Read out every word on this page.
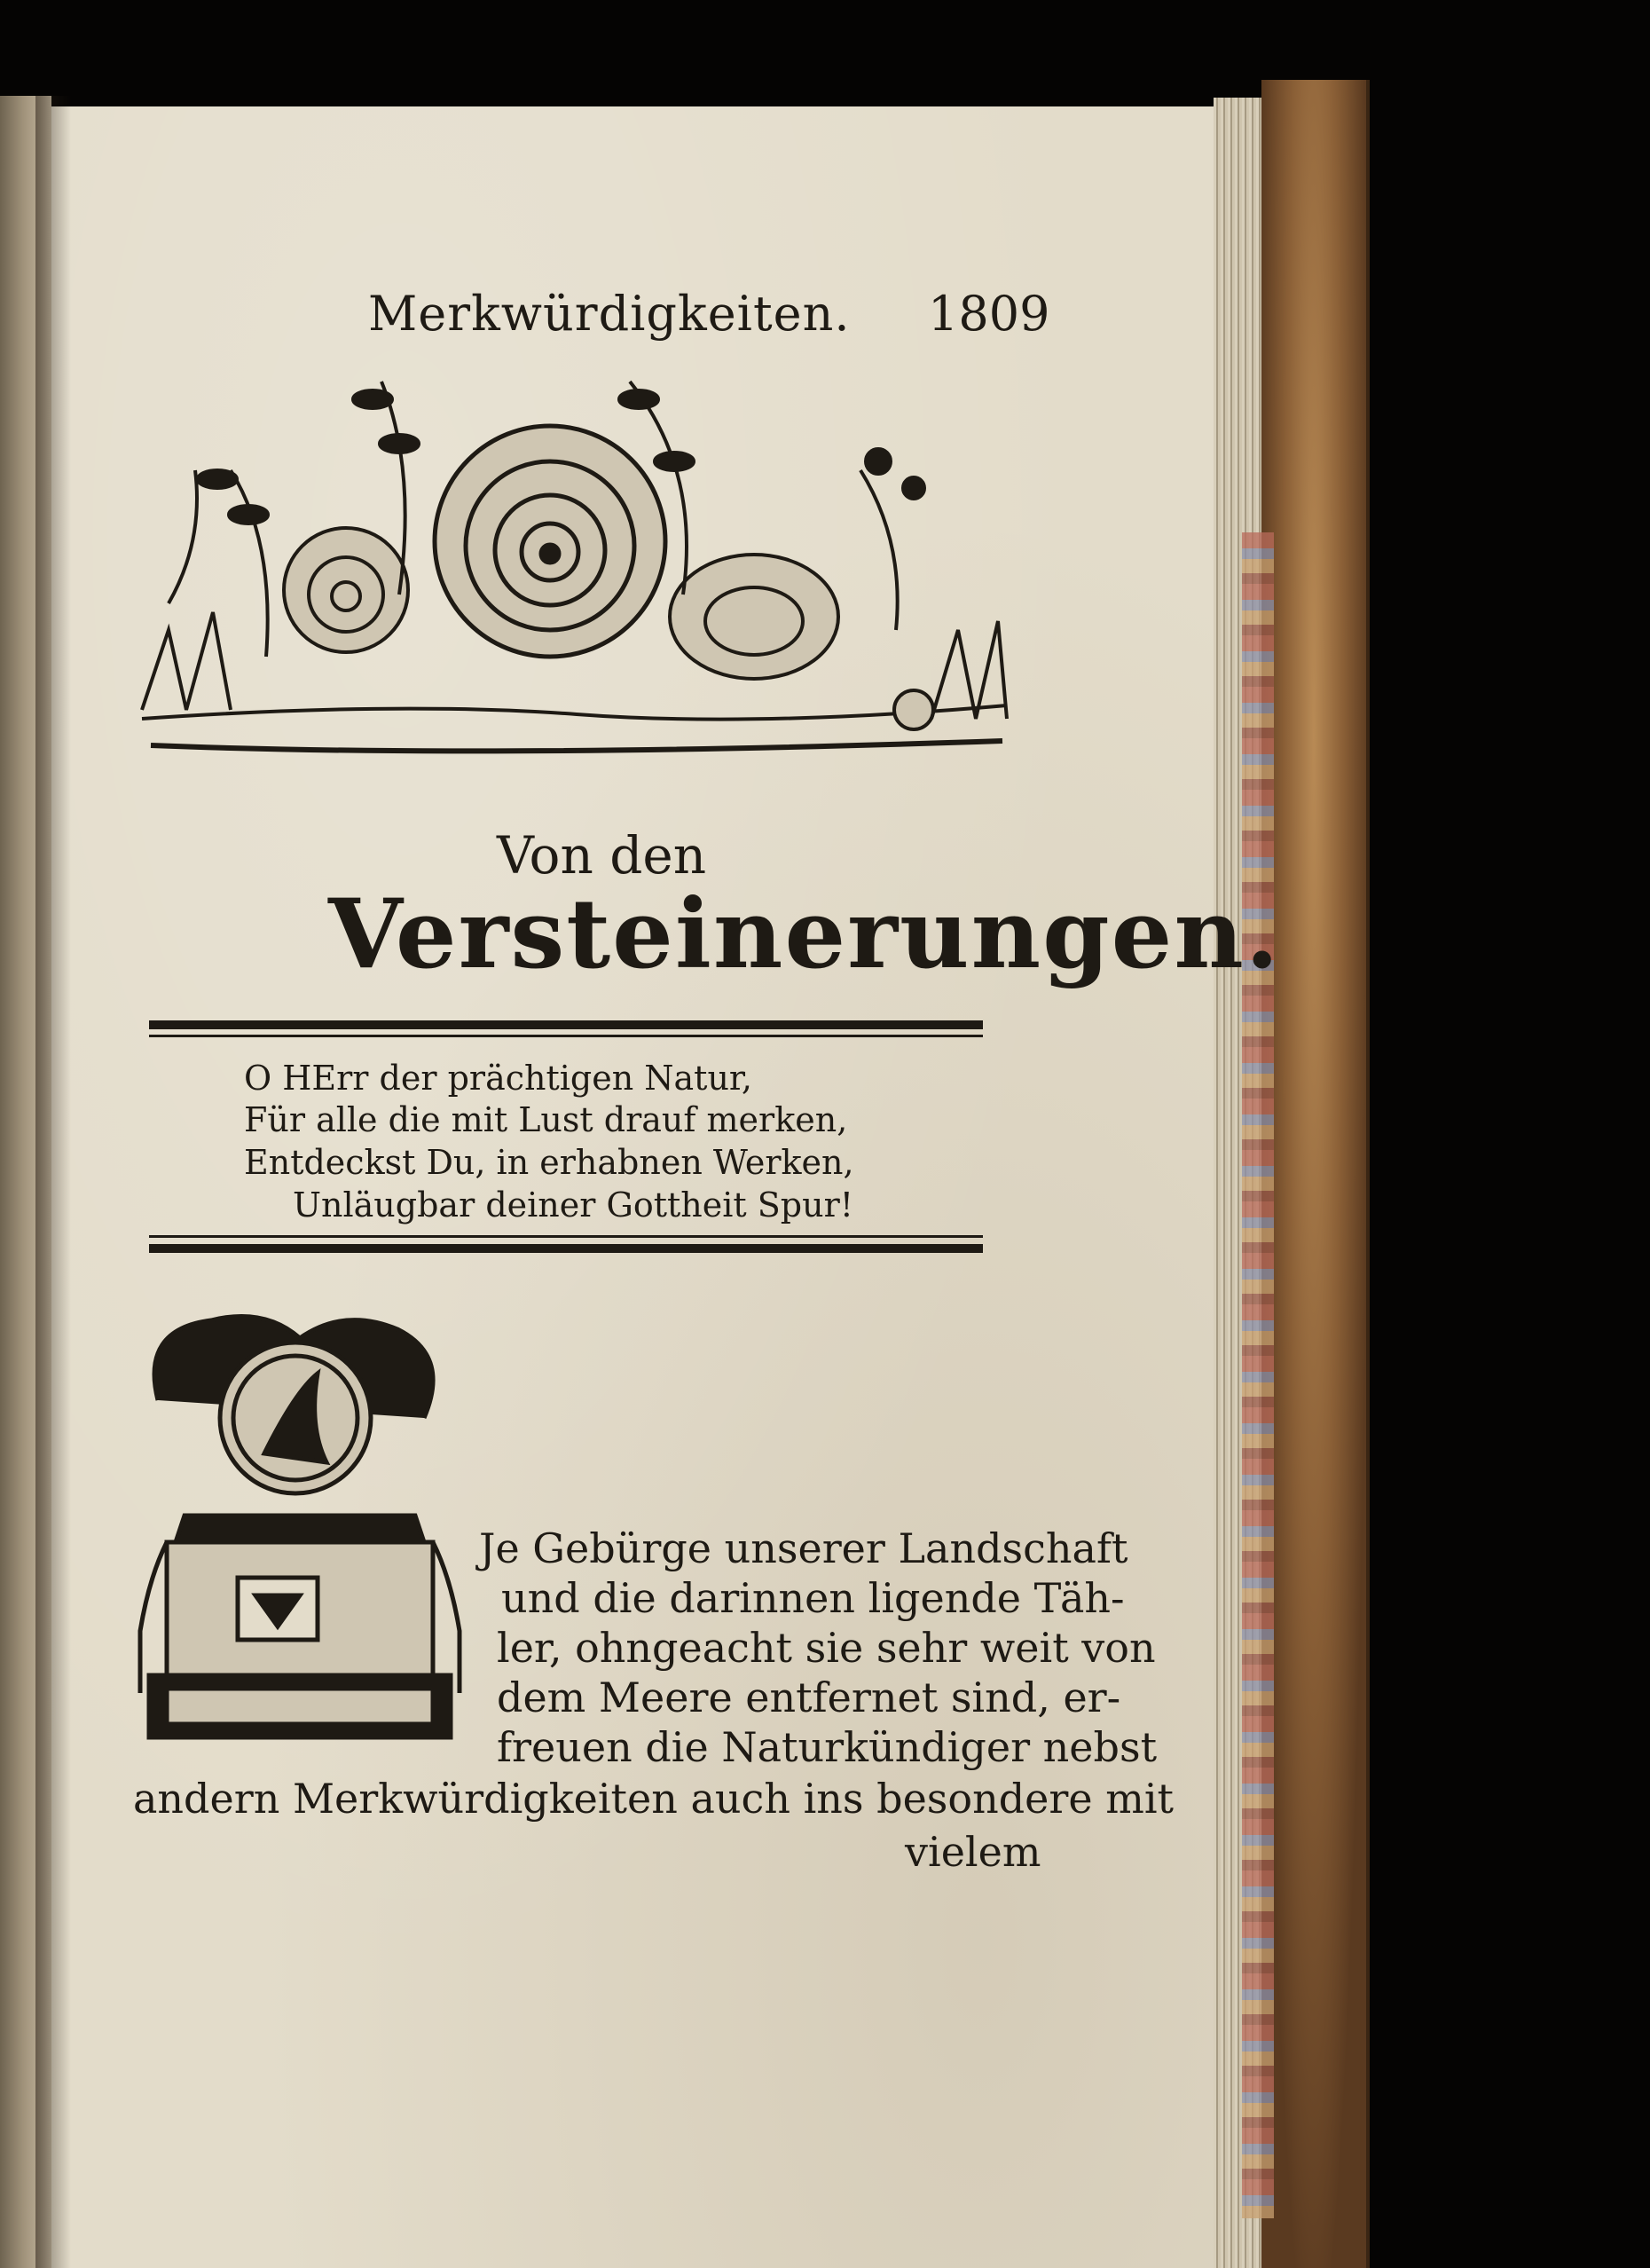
Merkwürdigkeiten. 1809
Von den
Versteinerungen.
O HErr der prächtigen Natur,
Für alle die mit Lust drauf merken,
Entdeckst Du, in erhabnen Werken,
Unläugbar deiner Gottheit Spur!
Je Gebürge unserer Landschaft
und die darinnen ligende Täh-
ler, ohngeacht sie sehr weit von
dem Meere entfernet sind, er-
freuen die Naturkündiger nebst
andern Merkwürdigkeiten auch ins besondere mit
vielem
